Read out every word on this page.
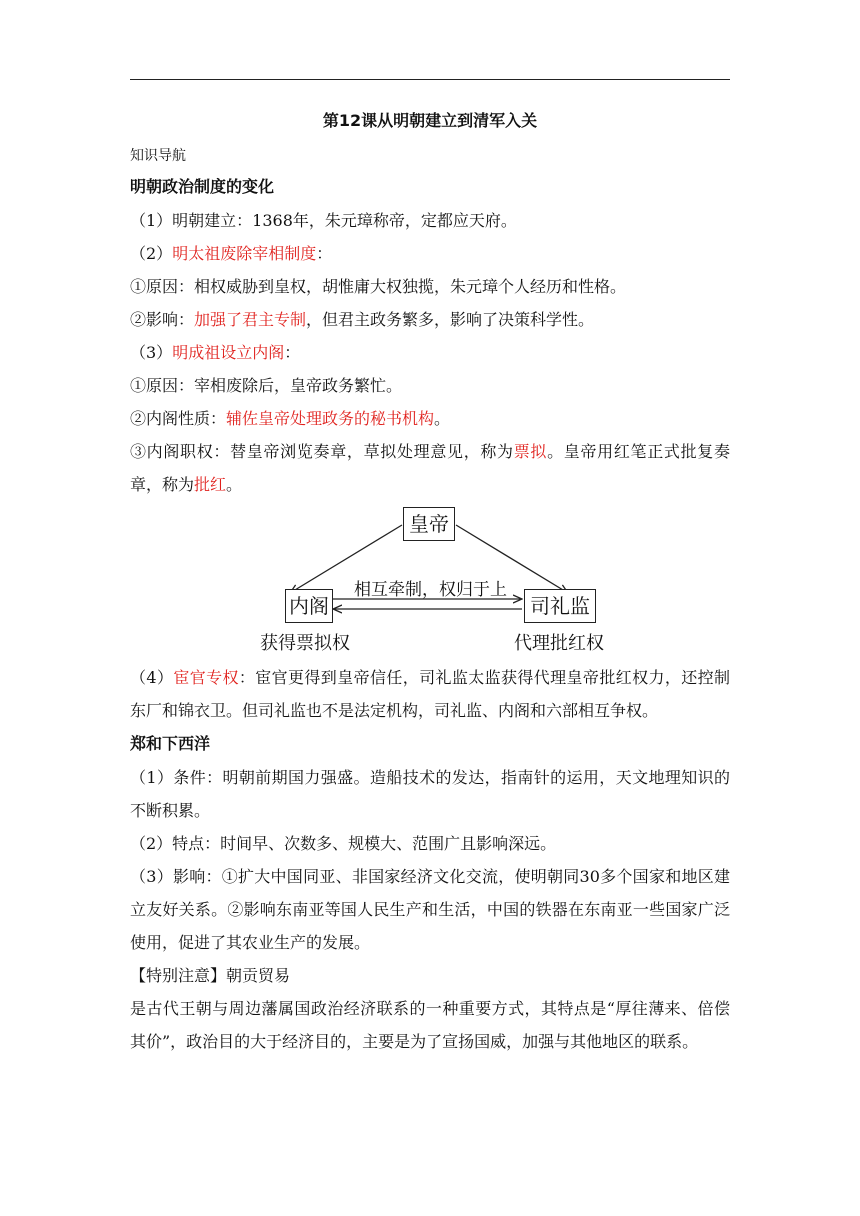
第12课从明朝建立到清军入关
知识导航
明朝政治制度的变化
（1）明朝建立：1368年，朱元璋称帝，定都应天府。
（2）明太祖废除宰相制度：
①原因：相权威胁到皇权，胡惟庸大权独揽，朱元璋个人经历和性格。
②影响：加强了君主专制，但君主政务繁多，影响了决策科学性。
（3）明成祖设立内阁：
①原因：宰相废除后，皇帝政务繁忙。
②内阁性质：辅佐皇帝处理政务的秘书机构。
③内阁职权：替皇帝浏览奏章，草拟处理意见，称为票拟。皇帝用红笔正式批复奏章，称为批红。
皇帝
内阁	司礼监
相互牵制，权归于上
获得票拟权	代理批红权
（4）宦官专权：宦官更得到皇帝信任，司礼监太监获得代理皇帝批红权力，还控制东厂和锦衣卫。但司礼监也不是法定机构，司礼监、内阁和六部相互争权。
郑和下西洋
（1）条件：明朝前期国力强盛。造船技术的发达，指南针的运用，天文地理知识的不断积累。
（2）特点：时间早、次数多、规模大、范围广且影响深远。
（3）影响：①扩大中国同亚、非国家经济文化交流，使明朝同30多个国家和地区建立友好关系。②影响东南亚等国人民生产和生活，中国的铁器在东南亚一些国家广泛使用，促进了其农业生产的发展。
【特别注意】朝贡贸易
是古代王朝与周边藩属国政治经济联系的一种重要方式，其特点是“厚往薄来、倍偿其价”，政治目的大于经济目的，主要是为了宣扬国威，加强与其他地区的联系。
